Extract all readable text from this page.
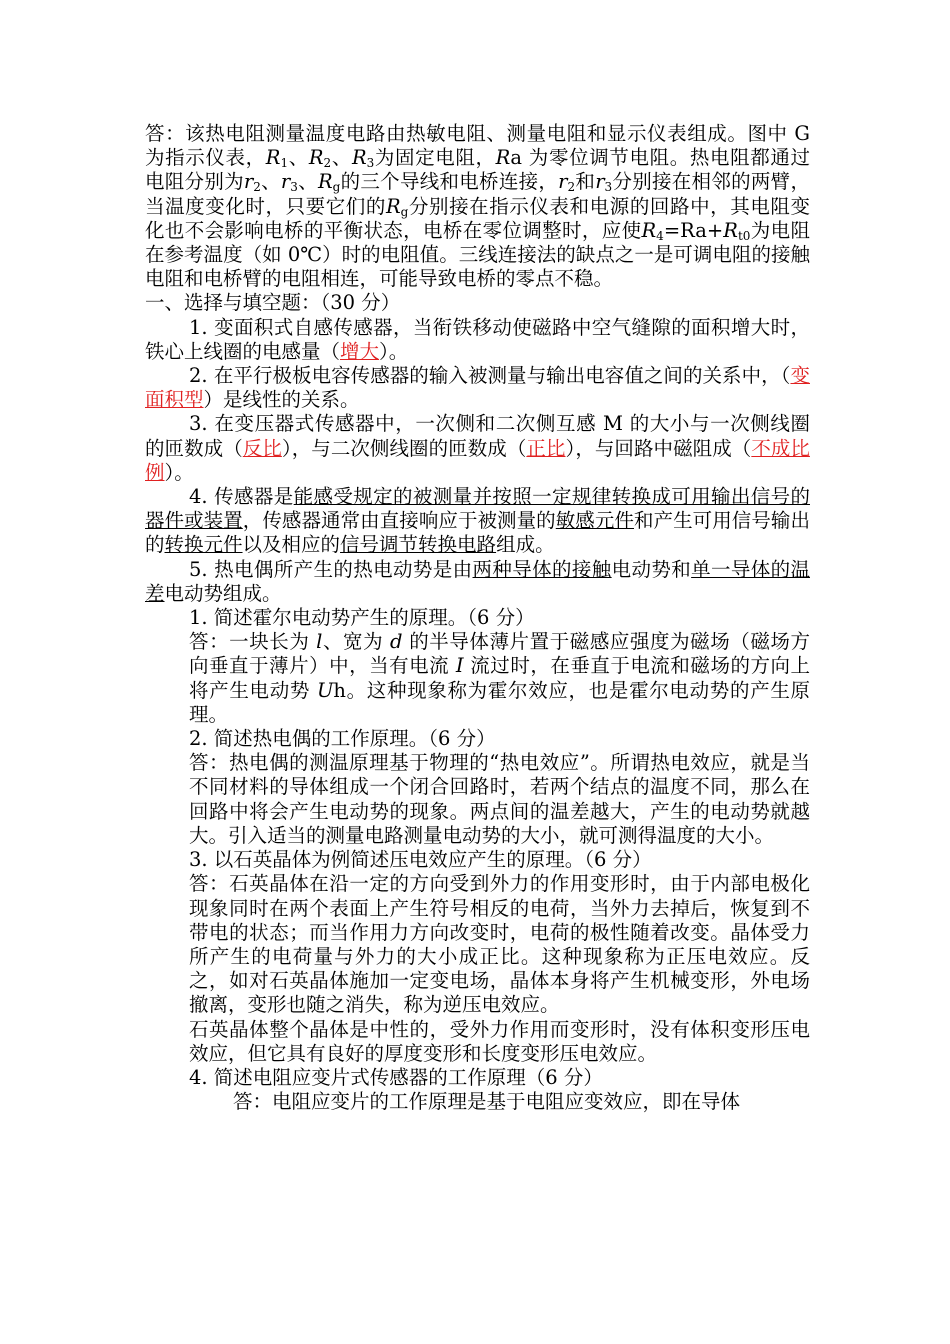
答：该热电阻测量温度电路由热敏电阻、测量电阻和显示仪表组成。图中 G 为指示仪表，$R_1$、$R_2$、$R_3$为固定电阻，Ra 为零位调节电阻。热电阻都通过电阻分别为$r_2$、$r_3$、$R_g$的三个导线和电桥连接，$r_2$和$r_3$分别接在相邻的两臂，当温度变化时，只要它们的$R_g$分别接在指示仪表和电源的回路中，其电阻变化也不会影响电桥的平衡状态，电桥在零位调整时，应使$R_4=Ra+R_{t0}$为电阻在参考温度（如 0℃）时的电阻值。三线连接法的缺点之一是可调电阻的接触电阻和电桥臂的电阻相连，可能导致电桥的零点不稳。

一、选择与填空题：（30 分）

1. 变面积式自感传感器，当衔铁移动使磁路中空气缝隙的面积增大时，铁心上线圈的电感量（增大）。

2. 在平行极板电容传感器的输入被测量与输出电容值之间的关系中，（变面积型）是线性的关系。

3. 在变压器式传感器中，一次侧和二次侧互感 M 的大小与一次侧线圈的匝数成（反比），与二次侧线圈的匝数成（正比），与回路中磁阻成（不成比例）。

4. 传感器是能感受规定的被测量并按照一定规律转换成可用输出信号的器件或装置，传感器通常由直接响应于被测量的敏感元件和产生可用信号输出的转换元件以及相应的信号调节转换电路组成。

5. 热电偶所产生的热电动势是由两种导体的接触电动势和单一导体的温差电动势组成。

1. 简述霍尔电动势产生的原理。（6 分）

答：一块长为 l、宽为 d 的半导体薄片置于磁感应强度为磁场（磁场方向垂直于薄片）中，当有电流 I 流过时，在垂直于电流和磁场的方向上将产生电动势 Uh。这种现象称为霍尔效应，也是霍尔电动势的产生原理。

2. 简述热电偶的工作原理。（6 分）

答：热电偶的测温原理基于物理的“热电效应”。所谓热电效应，就是当不同材料的导体组成一个闭合回路时，若两个结点的温度不同，那么在回路中将会产生电动势的现象。两点间的温差越大，产生的电动势就越大。引入适当的测量电路测量电动势的大小，就可测得温度的大小。

3. 以石英晶体为例简述压电效应产生的原理。（6 分）

答：石英晶体在沿一定的方向受到外力的作用变形时，由于内部电极化现象同时在两个表面上产生符号相反的电荷，当外力去掉后，恢复到不带电的状态；而当作用力方向改变时，电荷的极性随着改变。晶体受力所产生的电荷量与外力的大小成正比。这种现象称为正压电效应。反之，如对石英晶体施加一定变电场，晶体本身将产生机械变形，外电场撤离，变形也随之消失，称为逆压电效应。

石英晶体整个晶体是中性的，受外力作用而变形时，没有体积变形压电效应，但它具有良好的厚度变形和长度变形压电效应。

4. 简述电阻应变片式传感器的工作原理（6 分）

答：电阻应变片的工作原理是基于电阻应变效应，即在导体
